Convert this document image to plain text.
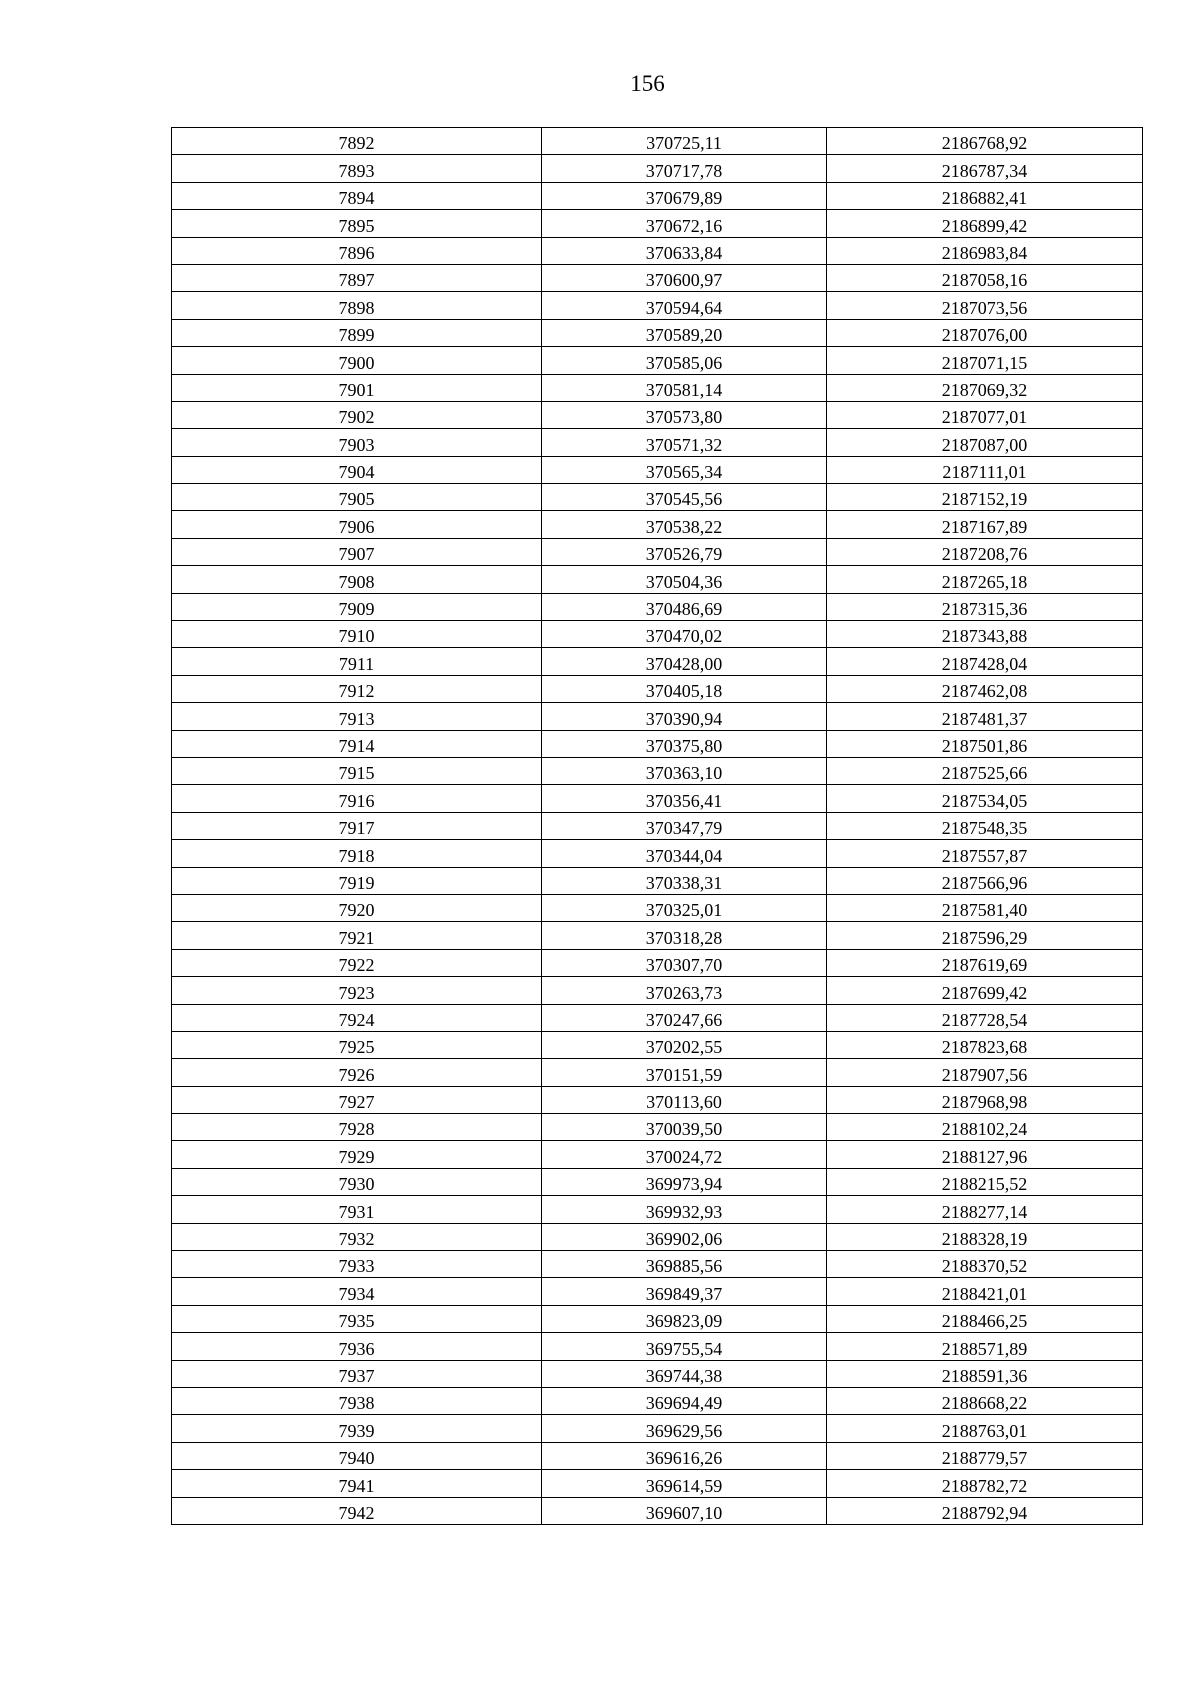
156
7892	370725,11	2186768,92
7893	370717,78	2186787,34
7894	370679,89	2186882,41
7895	370672,16	2186899,42
7896	370633,84	2186983,84
7897	370600,97	2187058,16
7898	370594,64	2187073,56
7899	370589,20	2187076,00
7900	370585,06	2187071,15
7901	370581,14	2187069,32
7902	370573,80	2187077,01
7903	370571,32	2187087,00
7904	370565,34	2187111,01
7905	370545,56	2187152,19
7906	370538,22	2187167,89
7907	370526,79	2187208,76
7908	370504,36	2187265,18
7909	370486,69	2187315,36
7910	370470,02	2187343,88
7911	370428,00	2187428,04
7912	370405,18	2187462,08
7913	370390,94	2187481,37
7914	370375,80	2187501,86
7915	370363,10	2187525,66
7916	370356,41	2187534,05
7917	370347,79	2187548,35
7918	370344,04	2187557,87
7919	370338,31	2187566,96
7920	370325,01	2187581,40
7921	370318,28	2187596,29
7922	370307,70	2187619,69
7923	370263,73	2187699,42
7924	370247,66	2187728,54
7925	370202,55	2187823,68
7926	370151,59	2187907,56
7927	370113,60	2187968,98
7928	370039,50	2188102,24
7929	370024,72	2188127,96
7930	369973,94	2188215,52
7931	369932,93	2188277,14
7932	369902,06	2188328,19
7933	369885,56	2188370,52
7934	369849,37	2188421,01
7935	369823,09	2188466,25
7936	369755,54	2188571,89
7937	369744,38	2188591,36
7938	369694,49	2188668,22
7939	369629,56	2188763,01
7940	369616,26	2188779,57
7941	369614,59	2188782,72
7942	369607,10	2188792,94
